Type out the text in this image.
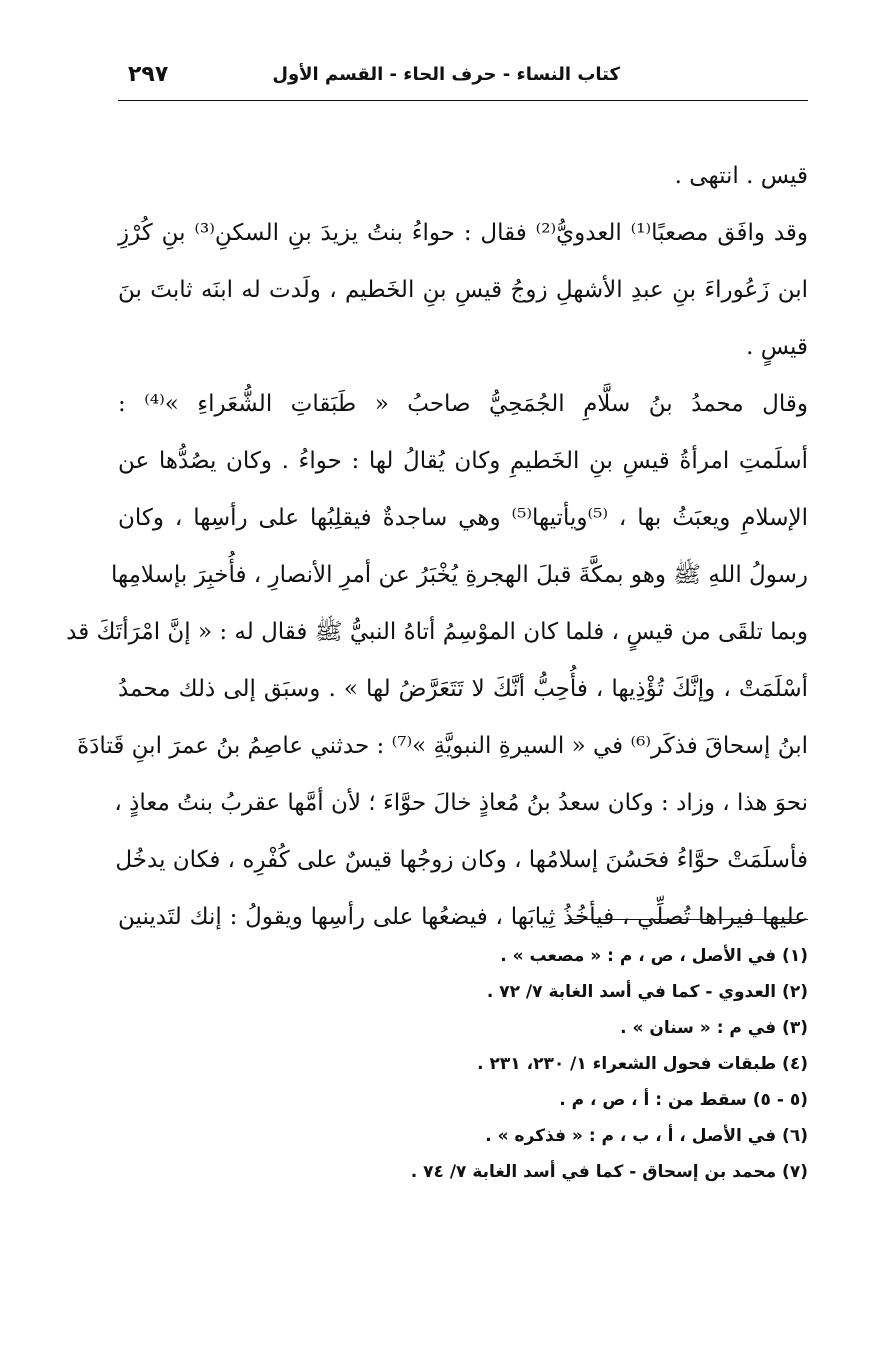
كتاب النساء - حرف الحاء - القسم الأول
٢٩٧
قيس . انتهى .
وقد وافَق مصعبًا⁽¹⁾ العدويُّ⁽²⁾ فقال : حواءُ بنتُ يزيدَ بنِ السكنِ⁽³⁾ بنِ كُرْزِ
ابن زَعُوراءَ بنِ عبدِ الأشهلِ زوجُ قيسِ بنِ الخَطيم ، ولَدت له ابنَه ثابتَ بنَ
قيسٍ .
وقال محمدُ بنُ سلَّامِ الجُمَحِيُّ صاحبُ « طَبَقاتِ الشُّعَراءِ »⁽⁴⁾ :
أسلَمتِ امرأةُ قيسِ بنِ الخَطيمِ وكان يُقالُ لها : حواءُ . وكان يصُدُّها عن
الإسلامِ ويعبَثُ بها ، ⁽⁵⁾ويأتيها⁽⁵⁾ وهي ساجدةٌ فيقلِبُها على رأسِها ، وكان
رسولُ اللهِ ﷺ وهو بمكَّةَ قبلَ الهجرةِ يُخْبَرُ عن أمرِ الأنصارِ ، فأُخبِرَ بإسلامِها
وبما تلقَى من قيسٍ ، فلما كان الموْسِمُ أتاهُ النبيُّ ﷺ فقال له : « إنَّ امْرَأتَكَ قد
أسْلَمَتْ ، وإنَّكَ تُؤْذِيها ، فأُحِبُّ أنَّكَ لا تَتَعَرَّضُ لها » . وسبَق إلى ذلك محمدُ
ابنُ إسحاقَ فذكَر⁽⁶⁾ في « السيرةِ النبويَّةِ »⁽⁷⁾ : حدثني عاصِمُ بنُ عمرَ ابنِ قَتادَةَ
نحوَ هذا ، وزاد : وكان سعدُ بنُ مُعاذٍ خالَ حوَّاءَ ؛ لأن أمَّها عقربُ بنتُ معاذٍ ،
فأسلَمَتْ حوَّاءُ فحَسُنَ إسلامُها ، وكان زوجُها قيسٌ على كُفْرِه ، فكان يدخُل
عليها فيراها تُصلِّي ، فيأخُذُ ثِيابَها ، فيضعُها على رأسِها ويقولُ : إنك لتَدينين
(١) في الأصل ، ص ، م : « مصعب » .
(٢) العدوي - كما في أسد الغابة ٧/ ٧٢ .
(٣) في م : « سنان » .
(٤) طبقات فحول الشعراء ١/ ٢٣٠، ٢٣١ .
(٥ - ٥) سقط من : أ ، ص ، م .
(٦) في الأصل ، أ ، ب ، م : « فذكره » .
(٧) محمد بن إسحاق - كما في أسد الغابة ٧/ ٧٤ .
